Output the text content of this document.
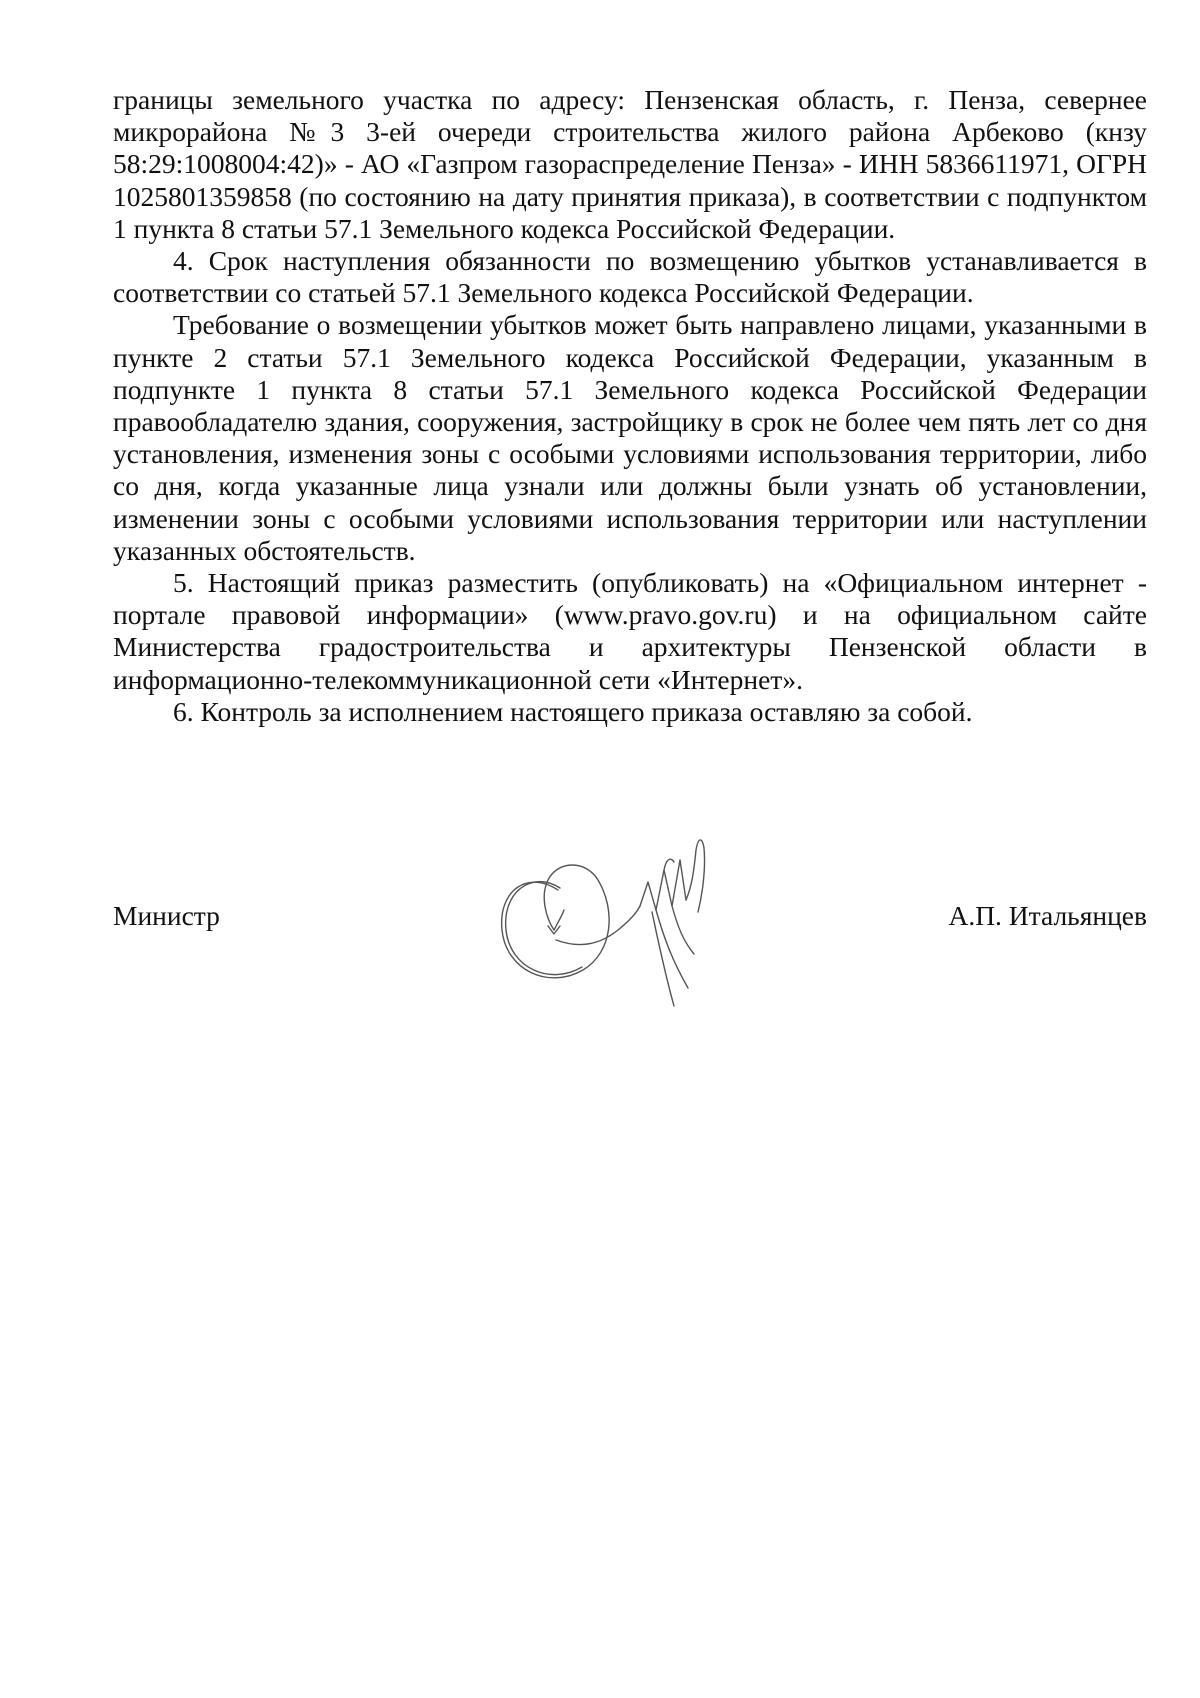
границы земельного участка по адресу: Пензенская область, г. Пенза, севернее микрорайона №3 3-ей очереди строительства жилого района Арбеково (кнзу 58:29:1008004:42)» - АО «Газпром газораспределение Пенза» - ИНН 5836611971, ОГРН 1025801359858 (по состоянию на дату принятия приказа), в соответствии с подпунктом 1 пункта 8 статьи 57.1 Земельного кодекса Российской Федерации.

4. Срок наступления обязанности по возмещению убытков устанавливается в соответствии со статьей 57.1 Земельного кодекса Российской Федерации.

Требование о возмещении убытков может быть направлено лицами, указанными в пункте 2 статьи 57.1 Земельного кодекса Российской Федерации, указанным в подпункте 1 пункта 8 статьи 57.1 Земельного кодекса Российской Федерации правообладателю здания, сооружения, застройщику в срок не более чем пять лет со дня установления, изменения зоны с особыми условиями использования территории, либо со дня, когда указанные лица узнали или должны были узнать об установлении, изменении зоны с особыми условиями использования территории или наступлении указанных обстоятельств.

5. Настоящий приказ разместить (опубликовать) на «Официальном интернет - портале правовой информации» (www.pravo.gov.ru) и на официальном сайте Министерства градостроительства и архитектуры Пензенской области в информационно-телекоммуникационной сети «Интернет».

6. Контроль за исполнением настоящего приказа оставляю за собой.

Министр	А.П. Итальянцев
